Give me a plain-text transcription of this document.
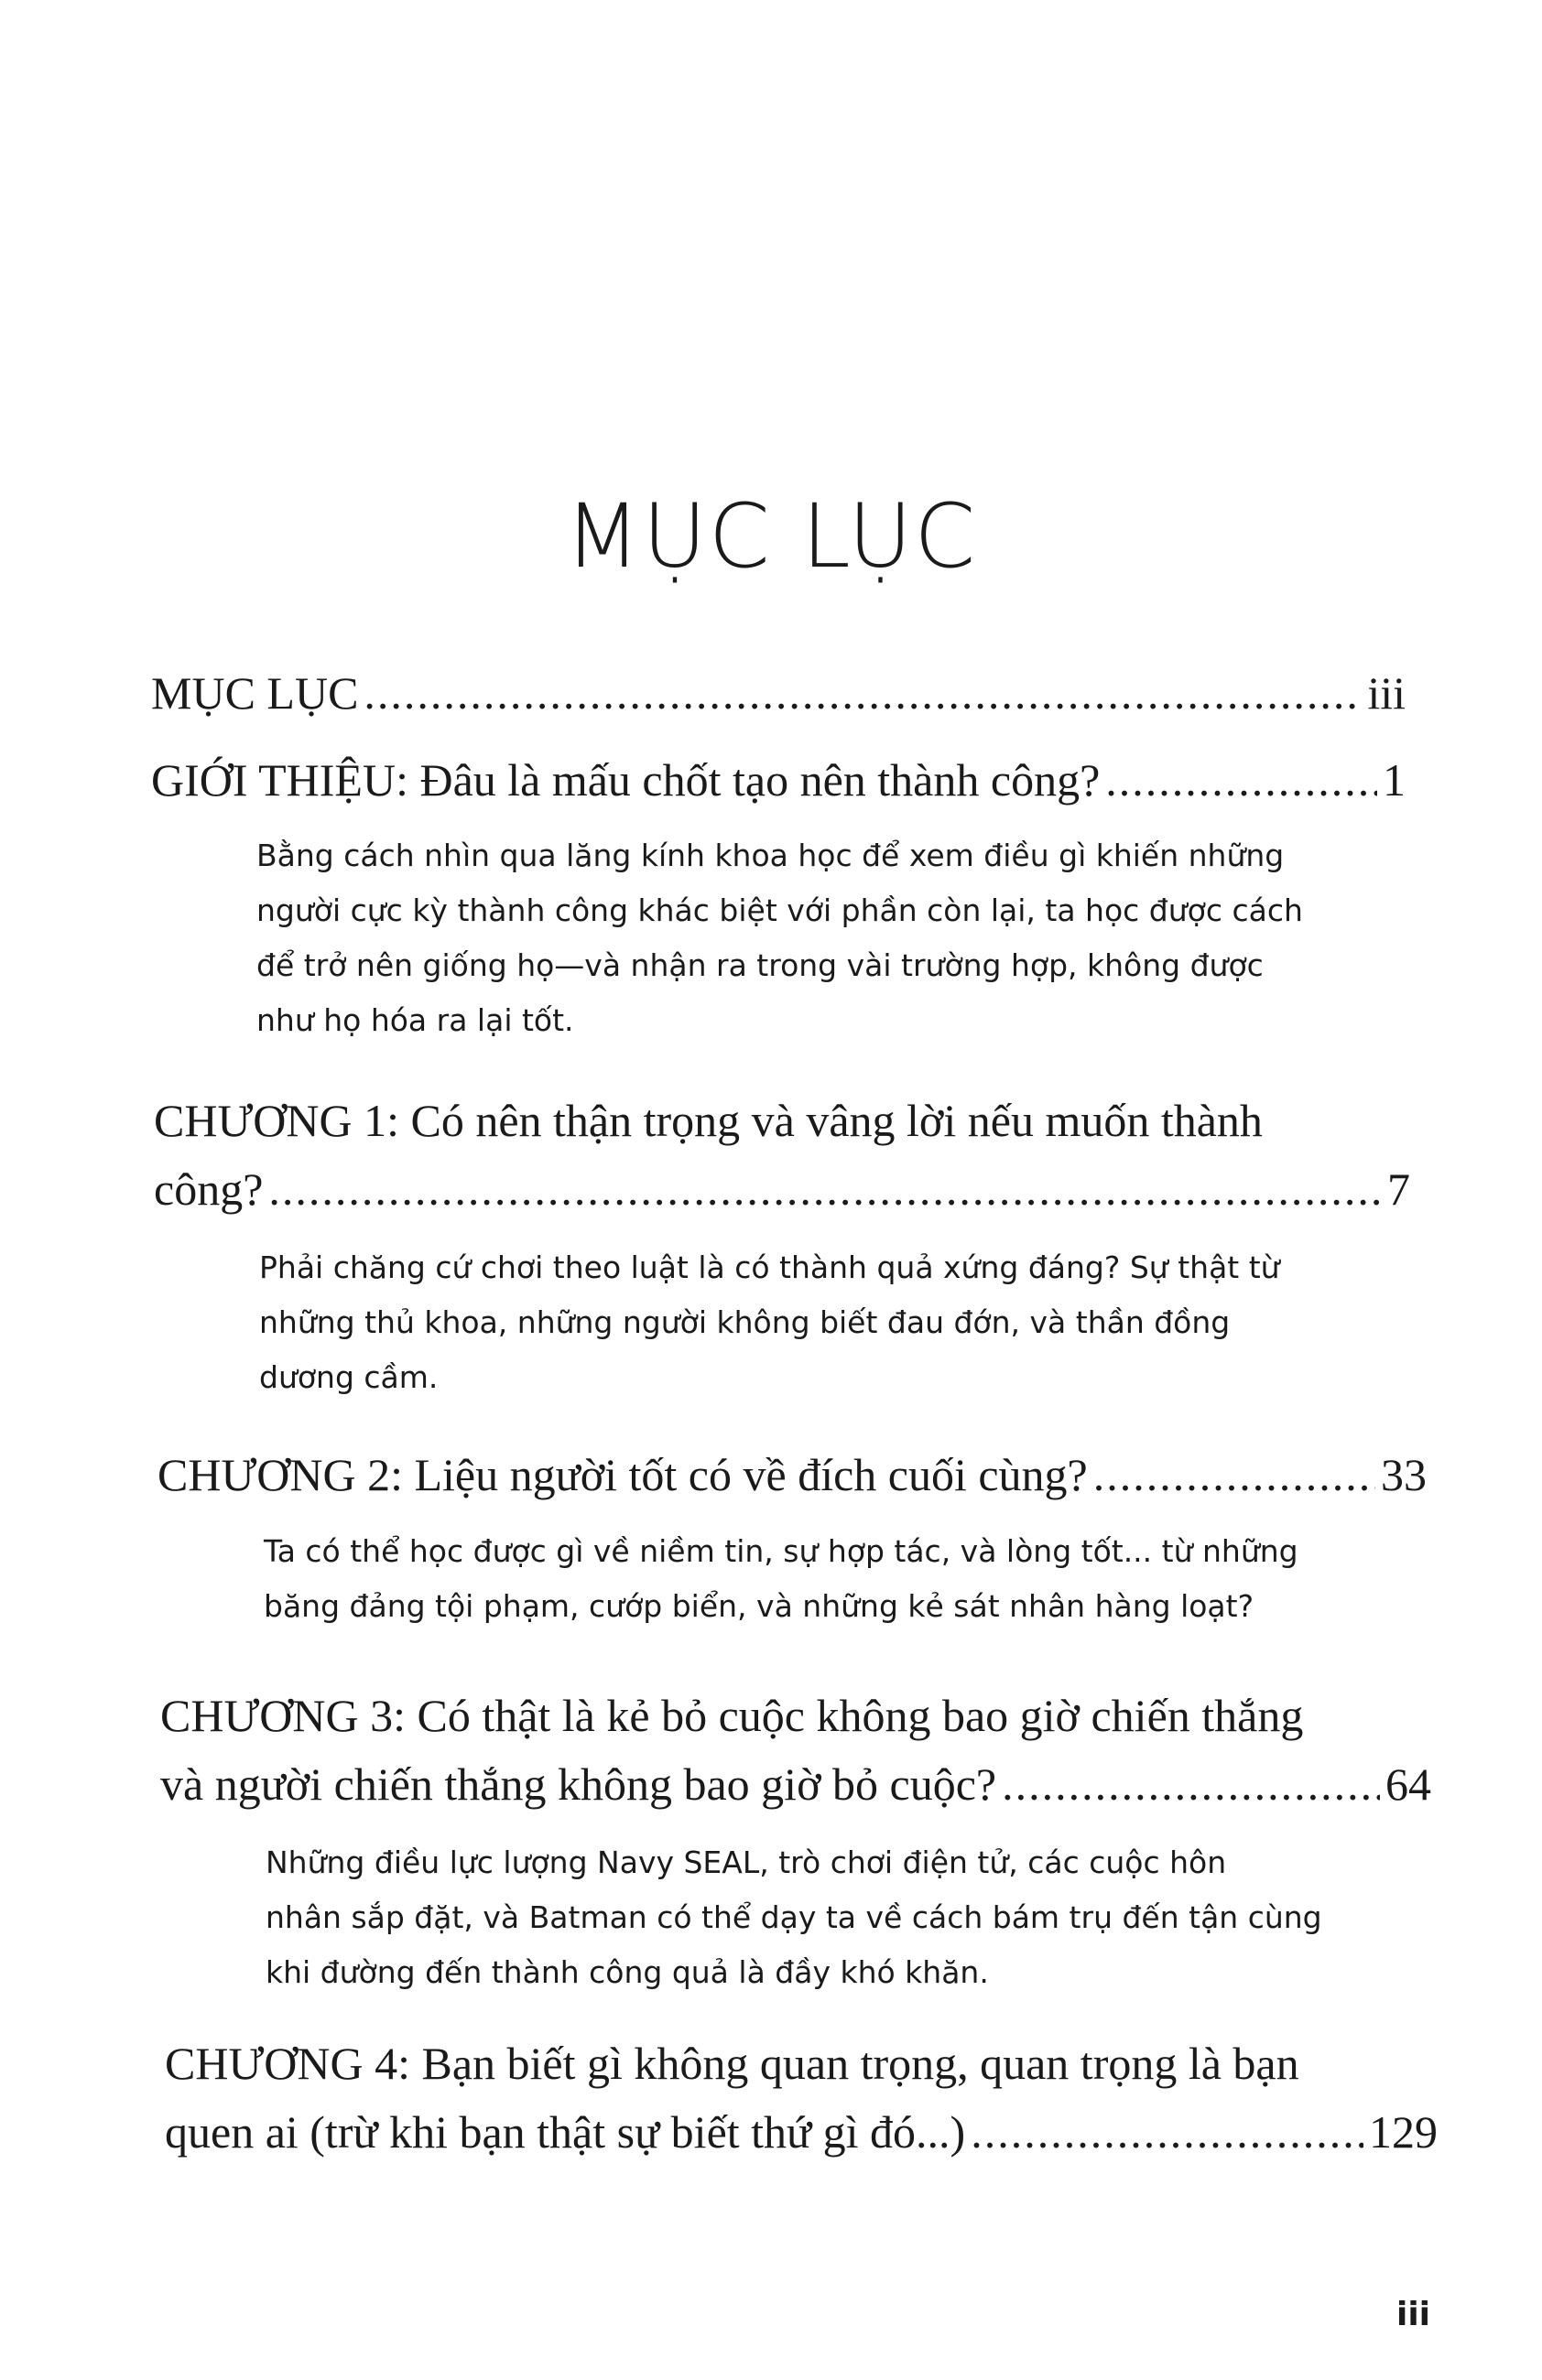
MỤC LỤC
MỤC LỤC .....	iii
GIỚI THIỆU: Đâu là mấu chốt tạo nên thành công? .....	1
Bằng cách nhìn qua lăng kính khoa học để xem điều gì khiến những
người cực kỳ thành công khác biệt với phần còn lại, ta học được cách
để trở nên giống họ—và nhận ra trong vài trường hợp, không được
như họ hóa ra lại tốt.
CHƯƠNG 1: Có nên thận trọng và vâng lời nếu muốn thành
công? .....	7
Phải chăng cứ chơi theo luật là có thành quả xứng đáng? Sự thật từ
những thủ khoa, những người không biết đau đớn, và thần đồng
dương cầm.
CHƯƠNG 2: Liệu người tốt có về đích cuối cùng? .....	33
Ta có thể học được gì về niềm tin, sự hợp tác, và lòng tốt... từ những
băng đảng tội phạm, cướp biển, và những kẻ sát nhân hàng loạt?
CHƯƠNG 3: Có thật là kẻ bỏ cuộc không bao giờ chiến thắng
và người chiến thắng không bao giờ bỏ cuộc? .....	64
Những điều lực lượng Navy SEAL, trò chơi điện tử, các cuộc hôn
nhân sắp đặt, và Batman có thể dạy ta về cách bám trụ đến tận cùng
khi đường đến thành công quả là đầy khó khăn.
CHƯƠNG 4: Bạn biết gì không quan trọng, quan trọng là bạn
quen ai (trừ khi bạn thật sự biết thứ gì đó...) .....	129
iii
